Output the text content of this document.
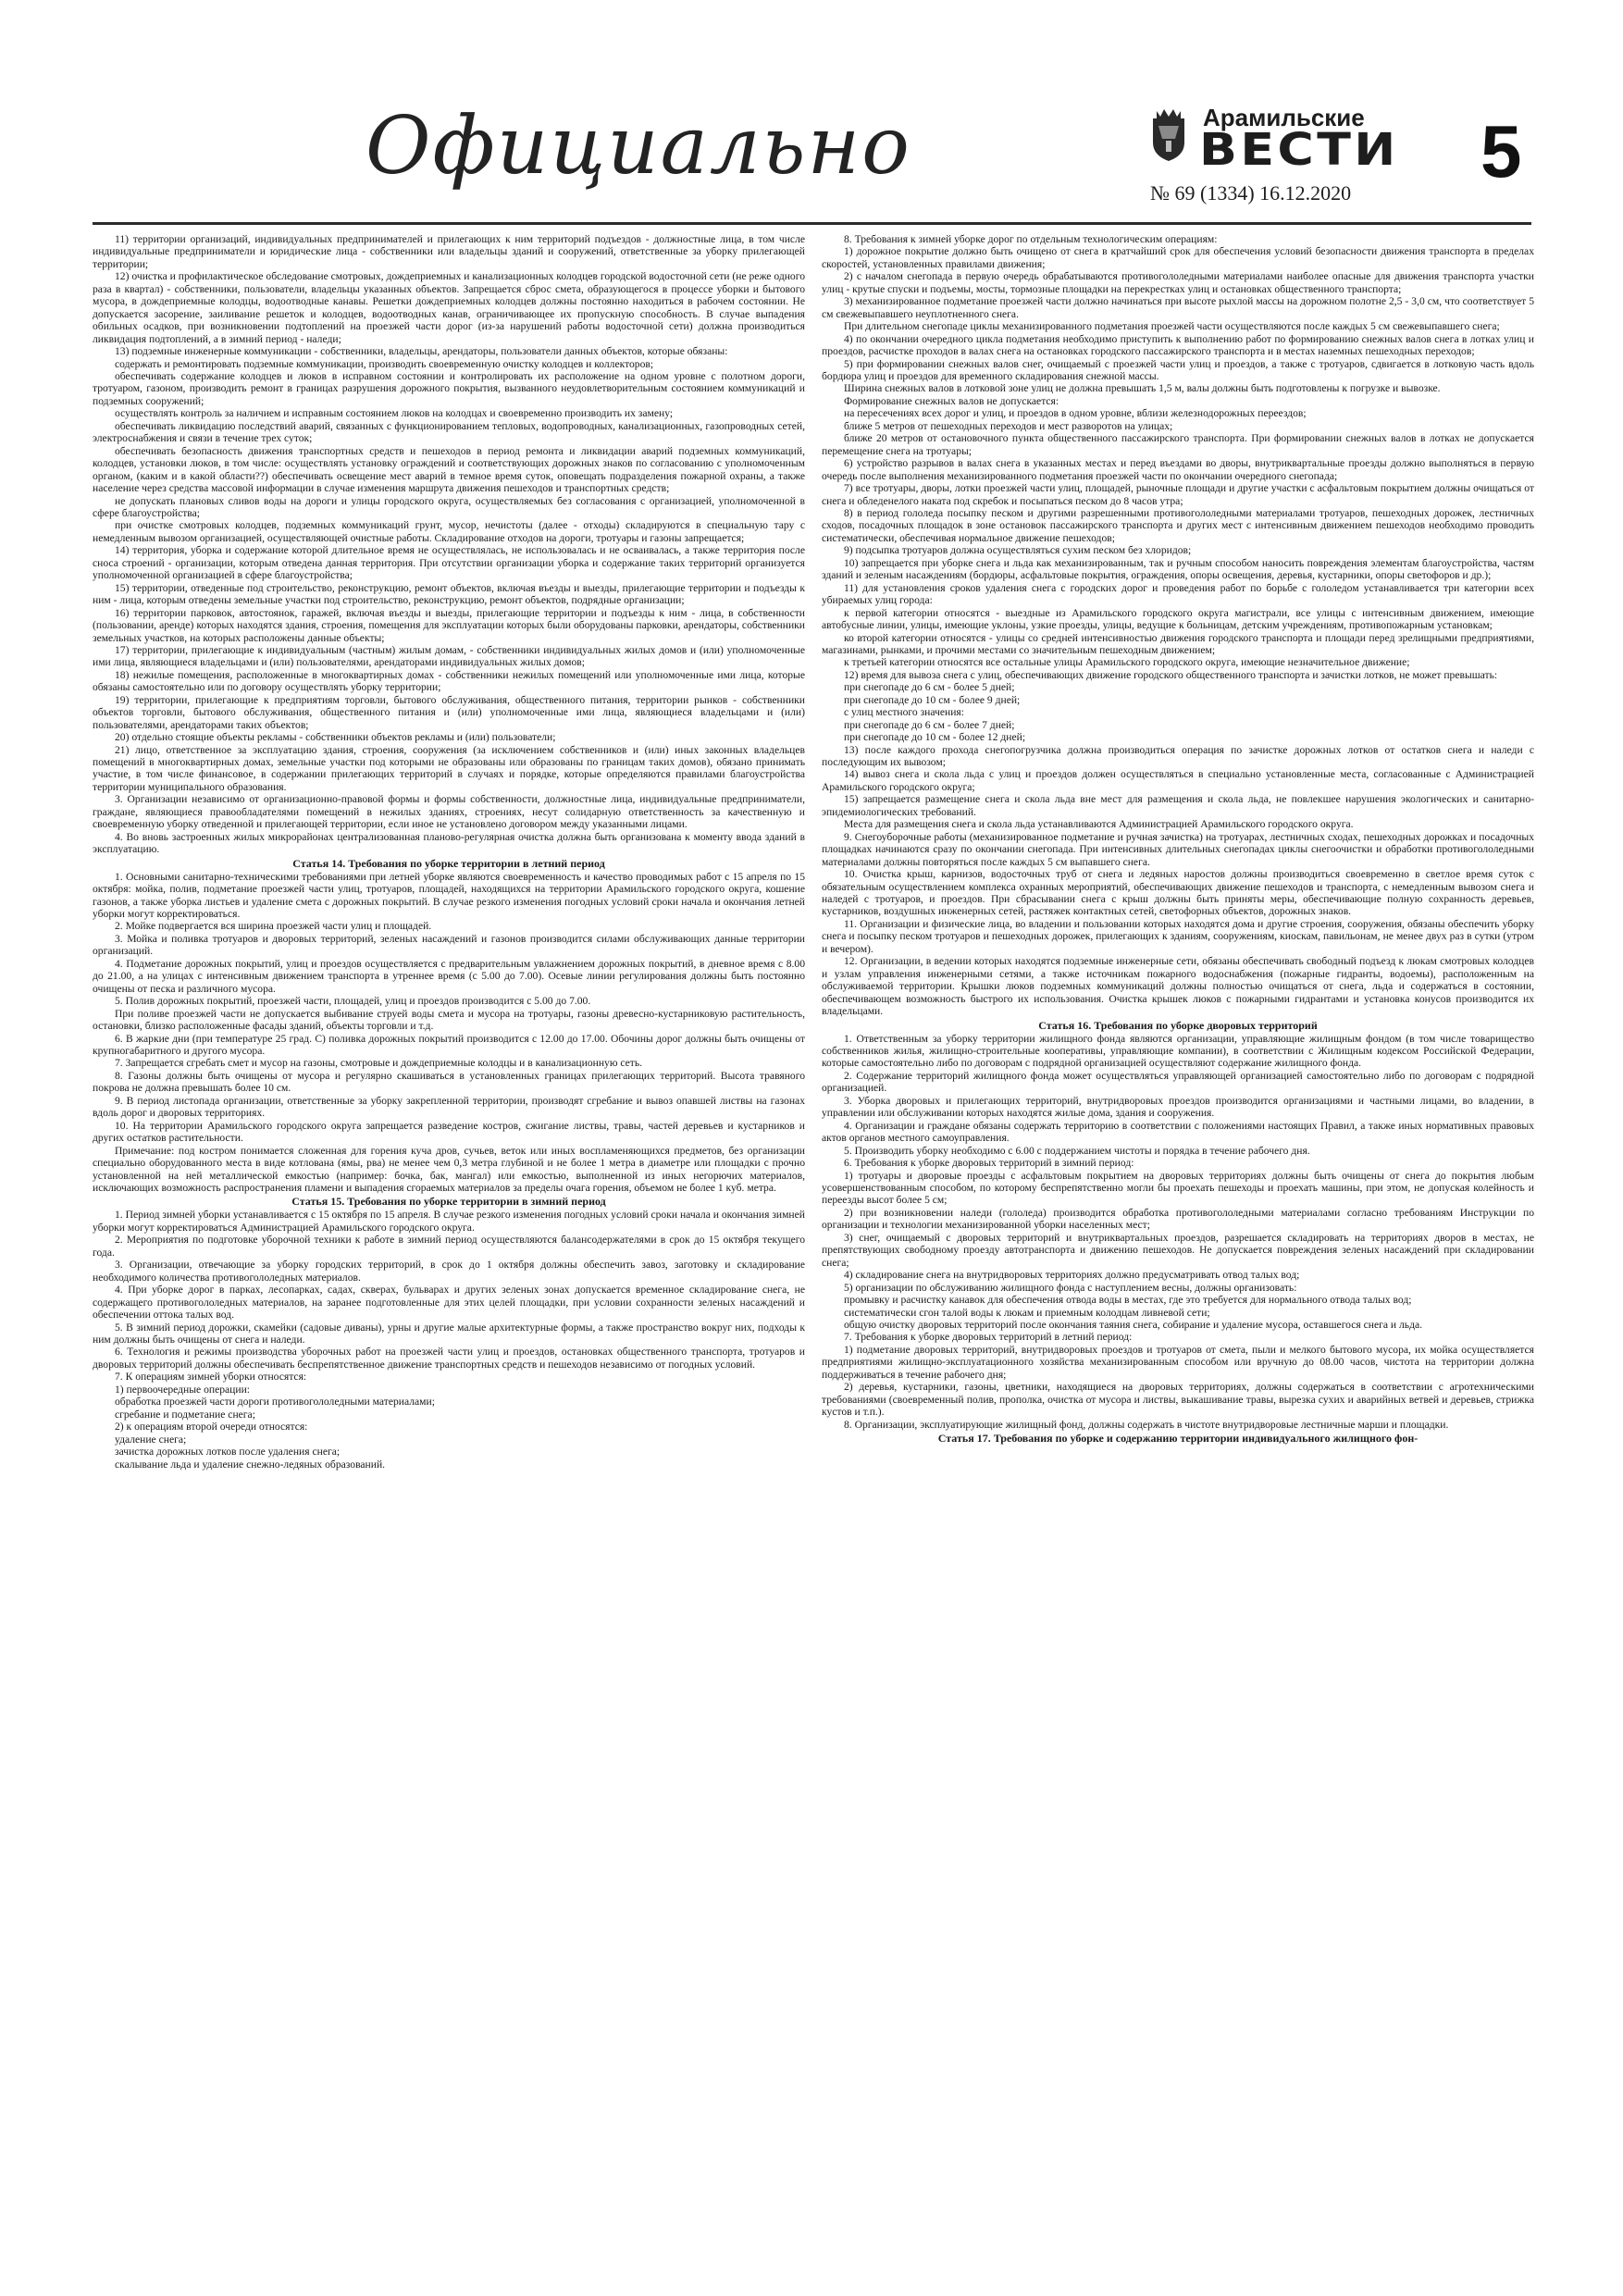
Официально	Арамильские
ВЕСТИ
№ 69 (1334) 16.12.2020
5

11) территории организаций, индивидуальных предпринимателей и прилегающих к ним территорий подъездов - должностные лица, в том числе индивидуальные предприниматели и юридические лица - собственники или владельцы зданий и сооружений, ответственные за уборку прилегающей территории;

12) очистка и профилактическое обследование смотровых, дождеприемных и канализационных колодцев городской водосточной сети (не реже одного раза в квартал) - собственники, пользователи, владельцы указанных объектов. Запрещается сброс смета, образующегося в процессе уборки и бытового мусора, в дождеприемные колодцы, водоотводные канавы. Решетки дождеприемных колодцев должны постоянно находиться в рабочем состоянии. Не допускается засорение, заиливание решеток и колодцев, водоотводных канав, ограничивающее их пропускную способность. В случае выпадения обильных осадков, при возникновении подтоплений на проезжей части дорог (из-за нарушений работы водосточной сети) должна производиться ликвидация подтоплений, а в зимний период - наледи;

13) подземные инженерные коммуникации - собственники, владельцы, арендаторы, пользователи данных объектов, которые обязаны:

содержать и ремонтировать подземные коммуникации, производить своевременную очистку колодцев и коллекторов;

обеспечивать содержание колодцев и люков в исправном состоянии и контролировать их расположение на одном уровне с полотном дороги, тротуаром, газоном, производить ремонт в границах разрушения дорожного покрытия, вызванного неудовлетворительным состоянием коммуникаций и подземных сооружений;

осуществлять контроль за наличием и исправным состоянием люков на колодцах и своевременно производить их замену;

обеспечивать ликвидацию последствий аварий, связанных с функционированием тепловых, водопроводных, канализационных, газопроводных сетей, электроснабжения и связи в течение трех суток;

обеспечивать безопасность движения транспортных средств и пешеходов в период ремонта и ликвидации аварий подземных коммуникаций, колодцев, установки люков, в том числе: осуществлять установку ограждений и соответствующих дорожных знаков по согласованию с уполномоченным органом, (каким и в какой области??) обеспечивать освещение мест аварий в темное время суток, оповещать подразделения пожарной охраны, а также население через средства массовой информации в случае изменения маршрута движения пешеходов и транспортных средств;

не допускать плановых сливов воды на дороги и улицы городского округа, осуществляемых без согласования с организацией, уполномоченной в сфере благоустройства;

при очистке смотровых колодцев, подземных коммуникаций грунт, мусор, нечистоты (далее - отходы) складируются в специальную тару с немедленным вывозом организацией, осуществляющей очистные работы. Складирование отходов на дороги, тротуары и газоны запрещается;

14) территория, уборка и содержание которой длительное время не осуществлялась, не использовалась и не осваивалась, а также территория после сноса строений - организации, которым отведена данная территория. При отсутствии организации уборка и содержание таких территорий организуется уполномоченной организацией в сфере благоустройства;

15) территории, отведенные под строительство, реконструкцию, ремонт объектов, включая въезды и выезды, прилегающие территории и подъезды к ним - лица, которым отведены земельные участки под строительство, реконструкцию, ремонт объектов, подрядные организации;

16) территории парковок, автостоянок, гаражей, включая въезды и выезды, прилегающие территории и подъезды к ним - лица, в собственности (пользовании, аренде) которых находятся здания, строения, помещения для эксплуатации которых были оборудованы парковки, арендаторы, собственники земельных участков, на которых расположены данные объекты;

17) территории, прилегающие к индивидуальным (частным) жилым домам, - собственники индивидуальных жилых домов и (или) уполномоченные ими лица, являющиеся владельцами и (или) пользователями, арендаторами индивидуальных жилых домов;

18) нежилые помещения, расположенные в многоквартирных домах - собственники нежилых помещений или уполномоченные ими лица, которые обязаны самостоятельно или по договору осуществлять уборку территории;

19) территории, прилегающие к предприятиям торговли, бытового обслуживания, общественного питания, территории рынков - собственники объектов торговли, бытового обслуживания, общественного питания и (или) уполномоченные ими лица, являющиеся владельцами и (или) пользователями, арендаторами таких объектов;

20) отдельно стоящие объекты рекламы - собственники объектов рекламы и (или) пользователи;

21) лицо, ответственное за эксплуатацию здания, строения, сооружения (за исключением собственников и (или) иных законных владельцев помещений в многоквартирных домах, земельные участки под которыми не образованы или образованы по границам таких домов), обязано принимать участие, в том числе финансовое, в содержании прилегающих территорий в случаях и порядке, которые определяются правилами благоустройства территории муниципального образования.

3. Организации независимо от организационно-правовой формы и формы собственности, должностные лица, индивидуальные предприниматели, граждане, являющиеся правообладателями помещений в нежилых зданиях, строениях, несут солидарную ответственность за качественную и своевременную уборку отведенной и прилегающей территории, если иное не установлено договором между указанными лицами.

4. Во вновь застроенных жилых микрорайонах централизованная планово-регулярная очистка должна быть организована к моменту ввода зданий в эксплуатацию.

Статья 14. Требования по уборке территории в летний период

1. Основными санитарно-техническими требованиями при летней уборке являются своевременность и качество проводимых работ с 15 апреля по 15 октября: мойка, полив, подметание проезжей части улиц, тротуаров, площадей, находящихся на территории Арамильского городского округа, кошение газонов, а также уборка листьев и удаление смета с дорожных покрытий. В случае резкого изменения погодных условий сроки начала и окончания летней уборки могут корректироваться.

2. Мойке подвергается вся ширина проезжей части улиц и площадей.

3. Мойка и поливка тротуаров и дворовых территорий, зеленых насаждений и газонов производится силами обслуживающих данные территории организаций.

4. Подметание дорожных покрытий, улиц и проездов осуществляется с предварительным увлажнением дорожных покрытий, в дневное время с 8.00 до 21.00, а на улицах с интенсивным движением транспорта в утреннее время (с 5.00 до 7.00). Осевые линии регулирования должны быть постоянно очищены от песка и различного мусора.

5. Полив дорожных покрытий, проезжей части, площадей, улиц и проездов производится с 5.00 до 7.00.

При поливе проезжей части не допускается выбивание струей воды смета и мусора на тротуары, газоны древесно-кустарниковую растительность, остановки, близко расположенные фасады зданий, объекты торговли и т.д.

6. В жаркие дни (при температуре 25 град. С) поливка дорожных покрытий производится с 12.00 до 17.00. Обочины дорог должны быть очищены от крупногабаритного и другого мусора.

7. Запрещается сгребать смет и мусор на газоны, смотровые и дождеприемные колодцы и в канализационную сеть.

8. Газоны должны быть очищены от мусора и регулярно скашиваться в установленных границах прилегающих территорий. Высота травяного покрова не должна превышать более 10 см.

9. В период листопада организации, ответственные за уборку закрепленной территории, производят сгребание и вывоз опавшей листвы на газонах вдоль дорог и дворовых территориях.

10. На территории Арамильского городского округа запрещается разведение костров, сжигание листвы, травы, частей деревьев и кустарников и других остатков растительности.

Примечание: под костром понимается сложенная для горения куча дров, сучьев, веток или иных воспламеняющихся предметов, без организации специально оборудованного места в виде котлована (ямы, рва) не менее чем 0,3 метра глубиной и не более 1 метра в диаметре или площадки с прочно установленной на ней металлической емкостью (например: бочка, бак, мангал) или емкостью, выполненной из иных негорючих материалов, исключающих возможность распространения пламени и выпадения сгораемых материалов за пределы очага горения, объемом не более 1 куб. метра.

Статья 15. Требования по уборке территории в зимний период

1. Период зимней уборки устанавливается с 15 октября по 15 апреля. В случае резкого изменения погодных условий сроки начала и окончания зимней уборки могут корректироваться Администрацией Арамильского городского округа.

2. Мероприятия по подготовке уборочной техники к работе в зимний период осуществляются балансодержателями в срок до 15 октября текущего года.

3. Организации, отвечающие за уборку городских территорий, в срок до 1 октября должны обеспечить завоз, заготовку и складирование необходимого количества противогололедных материалов.

4. При уборке дорог в парках, лесопарках, садах, скверах, бульварах и других зеленых зонах допускается временное складирование снега, не содержащего противогололедных материалов, на заранее подготовленные для этих целей площадки, при условии сохранности зеленых насаждений и обеспечении оттока талых вод.

5. В зимний период дорожки, скамейки (садовые диваны), урны и другие малые архитектурные формы, а также пространство вокруг них, подходы к ним должны быть очищены от снега и наледи.

6. Технология и режимы производства уборочных работ на проезжей части улиц и проездов, остановках общественного транспорта, тротуаров и дворовых территорий должны обеспечивать беспрепятственное движение транспортных средств и пешеходов независимо от погодных условий.

7. К операциям зимней уборки относятся:

1) первоочередные операции:

обработка проезжей части дороги противогололедными материалами;

сгребание и подметание снега;

2) к операциям второй очереди относятся:

удаление снега;

зачистка дорожных лотков после удаления снега;

скалывание льда и удаление снежно-ледяных образований.

8. Требования к зимней уборке дорог по отдельным технологическим операциям:

1) дорожное покрытие должно быть очищено от снега в кратчайший срок для обеспечения условий безопасности движения транспорта в пределах скоростей, установленных правилами движения;

2) с началом снегопада в первую очередь обрабатываются противогололедными материалами наиболее опасные для движения транспорта участки улиц - крутые спуски и подъемы, мосты, тормозные площадки на перекрестках улиц и остановках общественного транспорта;

3) механизированное подметание проезжей части должно начинаться при высоте рыхлой массы на дорожном полотне 2,5 - 3,0 см, что соответствует 5 см свежевыпавшего неуплотненного снега.

При длительном снегопаде циклы механизированного подметания проезжей части осуществляются после каждых 5 см свежевыпавшего снега;

4) по окончании очередного цикла подметания необходимо приступить к выполнению работ по формированию снежных валов снега в лотках улиц и проездов, расчистке проходов в валах снега на остановках городского пассажирского транспорта и в местах наземных пешеходных переходов;

5) при формировании снежных валов снег, очищаемый с проезжей части улиц и проездов, а также с тротуаров, сдвигается в лотковую часть вдоль бордюра улиц и проездов для временного складирования снежной массы.

Ширина снежных валов в лотковой зоне улиц не должна превышать 1,5 м, валы должны быть подготовлены к погрузке и вывозке.

Формирование снежных валов не допускается:

на пересечениях всех дорог и улиц, и проездов в одном уровне, вблизи железнодорожных переездов;

ближе 5 метров от пешеходных переходов и мест разворотов на улицах;

ближе 20 метров от остановочного пункта общественного пассажирского транспорта. При формировании снежных валов в лотках не допускается перемещение снега на тротуары;

6) устройство разрывов в валах снега в указанных местах и перед въездами во дворы, внутриквартальные проезды должно выполняться в первую очередь после выполнения механизированного подметания проезжей части по окончании очередного снегопада;

7) все тротуары, дворы, лотки проезжей части улиц, площадей, рыночные площади и другие участки с асфальтовым покрытием должны очищаться от снега и обледенелого наката под скребок и посыпаться песком до 8 часов утра;

8) в период гололеда посыпку песком и другими разрешенными противогололедными материалами тротуаров, пешеходных дорожек, лестничных сходов, посадочных площадок в зоне остановок пассажирского транспорта и других мест с интенсивным движением пешеходов необходимо проводить систематически, обеспечивая нормальное движение пешеходов;

9) подсыпка тротуаров должна осуществляться сухим песком без хлоридов;

10) запрещается при уборке снега и льда как механизированным, так и ручным способом наносить повреждения элементам благоустройства, частям зданий и зеленым насаждениям (бордюры, асфальтовые покрытия, ограждения, опоры освещения, деревья, кустарники, опоры светофоров и др.);

11) для установления сроков удаления снега с городских дорог и проведения работ по борьбе с гололедом устанавливается три категории всех убираемых улиц города:

к первой категории относятся - выездные из Арамильского городского округа магистрали, все улицы с интенсивным движением, имеющие автобусные линии, улицы, имеющие уклоны, узкие проезды, улицы, ведущие к больницам, детским учреждениям, противопожарным установкам;

ко второй категории относятся - улицы со средней интенсивностью движения городского транспорта и площади перед зрелищными предприятиями, магазинами, рынками, и прочими местами со значительным пешеходным движением;

к третьей категории относятся все остальные улицы Арамильского городского округа, имеющие незначительное движение;

12) время для вывоза снега с улиц, обеспечивающих движение городского общественного транспорта и зачистки лотков, не может превышать:

при снегопаде до 6 см - более 5 дней;

при снегопаде до 10 см - более 9 дней;

с улиц местного значения:

при снегопаде до 6 см - более 7 дней;

при снегопаде до 10 см - более 12 дней;

13) после каждого прохода снегопогрузчика должна производиться операция по зачистке дорожных лотков от остатков снега и наледи с последующим их вывозом;

14) вывоз снега и скола льда с улиц и проездов должен осуществляться в специально установленные места, согласованные с Администрацией Арамильского городского округа;

15) запрещается размещение снега и скола льда вне мест для размещения и скола льда, не повлекшее нарушения экологических и санитарно-эпидемиологических требований.

Места для размещения снега и скола льда устанавливаются Администрацией Арамильского городского округа.

9. Снегоуборочные работы (механизированное подметание и ручная зачистка) на тротуарах, лестничных сходах, пешеходных дорожках и посадочных площадках начинаются сразу по окончании снегопада. При интенсивных длительных снегопадах циклы снегоочистки и обработки противогололедными материалами должны повторяться после каждых 5 см выпавшего снега.

10. Очистка крыш, карнизов, водосточных труб от снега и ледяных наростов должны производиться своевременно в светлое время суток с обязательным осуществлением комплекса охранных мероприятий, обеспечивающих движение пешеходов и транспорта, с немедленным вывозом снега и наледей с тротуаров, и проездов. При сбрасывании снега с крыш должны быть приняты меры, обеспечивающие полную сохранность деревьев, кустарников, воздушных инженерных сетей, растяжек контактных сетей, светофорных объектов, дорожных знаков.

11. Организации и физические лица, во владении и пользовании которых находятся дома и другие строения, сооружения, обязаны обеспечить уборку снега и посыпку песком тротуаров и пешеходных дорожек, прилегающих к зданиям, сооружениям, киоскам, павильонам, не менее двух раз в сутки (утром и вечером).

12. Организации, в ведении которых находятся подземные инженерные сети, обязаны обеспечивать свободный подъезд к люкам смотровых колодцев и узлам управления инженерными сетями, а также источникам пожарного водоснабжения (пожарные гидранты, водоемы), расположенным на обслуживаемой территории. Крышки люков подземных коммуникаций должны полностью очищаться от снега, льда и содержаться в состоянии, обеспечивающем возможность быстрого их использования. Очистка крышек люков с пожарными гидрантами и установка конусов производится их владельцами.

Статья 16. Требования по уборке дворовых территорий

1. Ответственным за уборку территории жилищного фонда являются организации, управляющие жилищным фондом (в том числе товарищество собственников жилья, жилищно-строительные кооперативы, управляющие компании), в соответствии с Жилищным кодексом Российской Федерации, которые самостоятельно либо по договорам с подрядной организацией осуществляют содержание жилищного фонда.

2. Содержание территорий жилищного фонда может осуществляться управляющей организацией самостоятельно либо по договорам с подрядной организацией.

3. Уборка дворовых и прилегающих территорий, внутридворовых проездов производится организациями и частными лицами, во владении, в управлении или обслуживании которых находятся жилые дома, здания и сооружения.

4. Организации и граждане обязаны содержать территорию в соответствии с положениями настоящих Правил, а также иных нормативных правовых актов органов местного самоуправления.

5. Производить уборку необходимо с 6.00 с поддержанием чистоты и порядка в течение рабочего дня.

6. Требования к уборке дворовых территорий в зимний период:

1) тротуары и дворовые проезды с асфальтовым покрытием на дворовых территориях должны быть очищены от снега до покрытия любым усовершенствованным способом, по которому беспрепятственно могли бы проехать пешеходы и проехать машины, при этом, не допуская колейность и переезды высот более 5 см;

2) при возникновении наледи (гололеда) производится обработка противогололедными материалами согласно требованиям Инструкции по организации и технологии механизированной уборки населенных мест;

3) снег, очищаемый с дворовых территорий и внутриквартальных проездов, разрешается складировать на территориях дворов в местах, не препятствующих свободному проезду автотранспорта и движению пешеходов. Не допускается повреждения зеленых насаждений при складировании снега;

4) складирование снега на внутридворовых территориях должно предусматривать отвод талых вод;

5) организации по обслуживанию жилищного фонда с наступлением весны, должны организовать:

промывку и расчистку канавок для обеспечения отвода воды в местах, где это требуется для нормального отвода талых вод;

систематически сгон талой воды к люкам и приемным колодцам ливневой сети;

общую очистку дворовых территорий после окончания таяния снега, собирание и удаление мусора, оставшегося снега и льда.

7. Требования к уборке дворовых территорий в летний период:

1) подметание дворовых территорий, внутридворовых проездов и тротуаров от смета, пыли и мелкого бытового мусора, их мойка осуществляется предприятиями жилищно-эксплуатационного хозяйства механизированным способом или вручную до 08.00 часов, чистота на территории должна поддерживаться в течение рабочего дня;

2) деревья, кустарники, газоны, цветники, находящиеся на дворовых территориях, должны содержаться в соответствии с агротехническими требованиями (своевременный полив, прополка, очистка от мусора и листвы, выкашивание травы, вырезка сухих и аварийных ветвей и деревьев, стрижка кустов и т.п.).

8. Организации, эксплуатирующие жилищный фонд, должны содержать в чистоте внутридворовые лестничные марши и площадки.

Статья 17. Требования по уборке и содержанию территории индивидуального жилищного фон-
